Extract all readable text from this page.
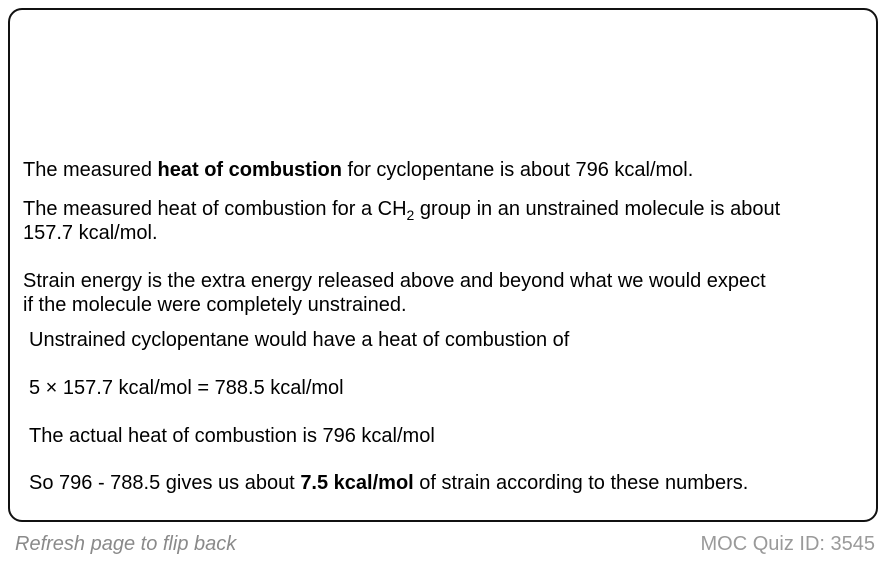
The measured heat of combustion for cyclopentane is about 796 kcal/mol.

The measured heat of combustion for a $CH_2$ group in an unstrained molecule is about

157.7 kcal/mol.

Strain energy is the extra energy released above and beyond what we would expect

if the molecule were completely unstrained.

Unstrained cyclopentane would have a heat of combustion of

5 × 157.7 kcal/mol = 788.5 kcal/mol

The actual heat of combustion is 796 kcal/mol

So 796 - 788.5 gives us about 7.5 kcal/mol of strain according to these numbers.

Refresh page to flip back	MOC Quiz ID: 3545
